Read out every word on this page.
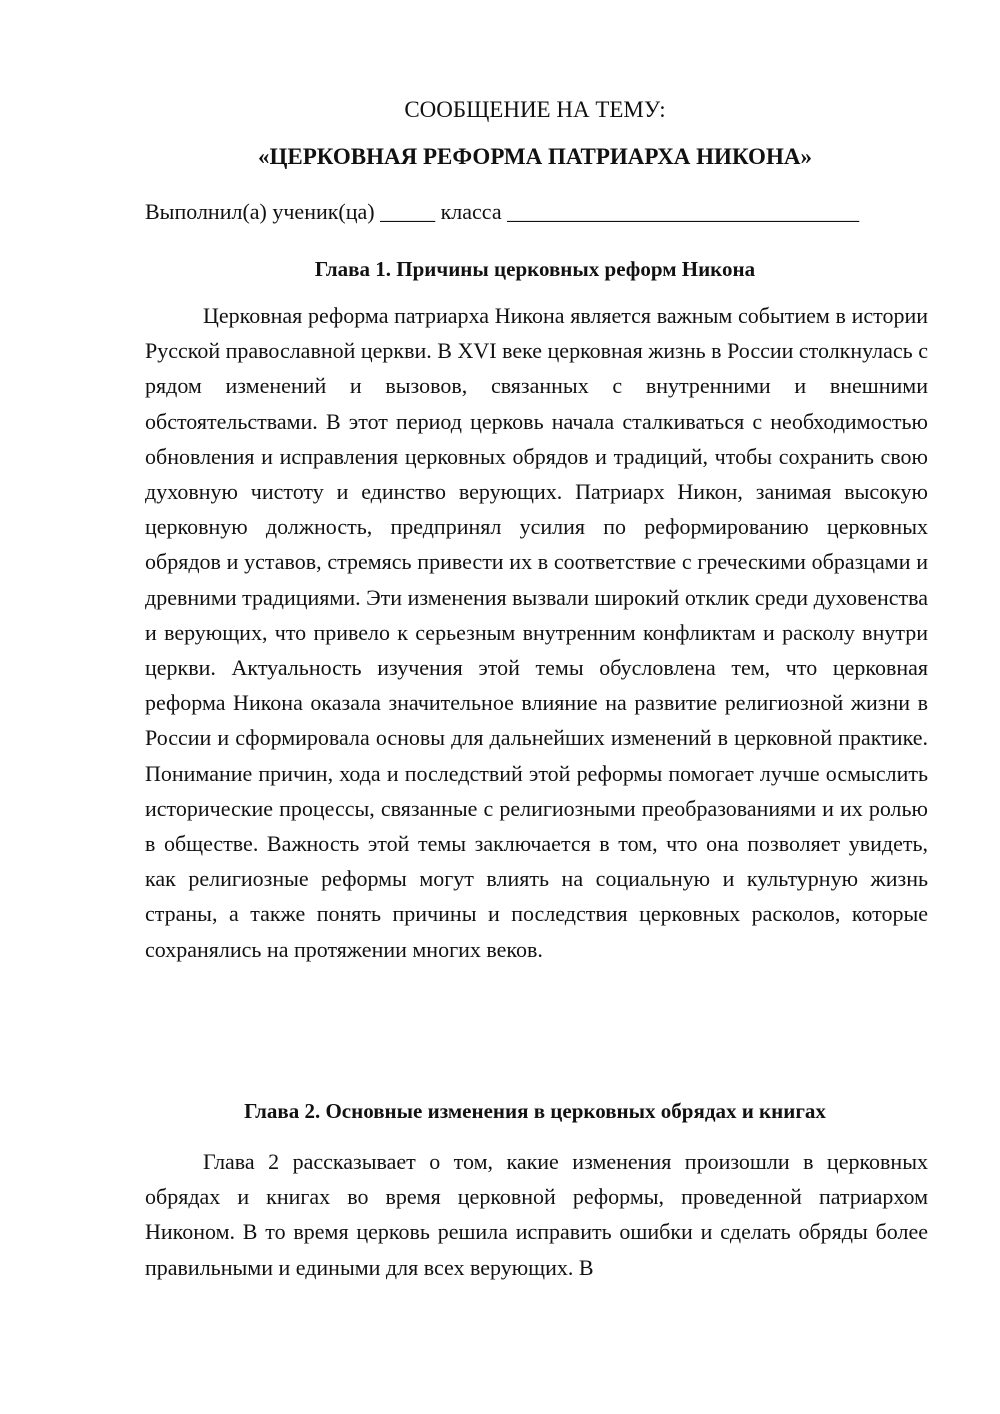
СООБЩЕНИЕ НА ТЕМУ:
«ЦЕРКОВНАЯ РЕФОРМА ПАТРИАРХА НИКОНА»
Выполнил(а) ученик(ца) _____ класса ________________________________
Глава 1. Причины церковных реформ Никона

Церковная реформа патриарха Никона является важным событием в истории Русской православной церкви. В XVI веке церковная жизнь в России столкнулась с рядом изменений и вызовов, связанных с внутренними и внешними обстоятельствами. В этот период церковь начала сталкиваться с необходимостью обновления и исправления церковных обрядов и традиций, чтобы сохранить свою духовную чистоту и единство верующих. Патриарх Никон, занимая высокую церковную должность, предпринял усилия по реформированию церковных обрядов и уставов, стремясь привести их в соответствие с греческими образцами и древними традициями. Эти изменения вызвали широкий отклик среди духовенства и верующих, что привело к серьезным внутренним конфликтам и расколу внутри церкви. Актуальность изучения этой темы обусловлена тем, что церковная реформа Никона оказала значительное влияние на развитие религиозной жизни в России и сформировала основы для дальнейших изменений в церковной практике. Понимание причин, хода и последствий этой реформы помогает лучше осмыслить исторические процессы, связанные с религиозными преобразованиями и их ролью в обществе. Важность этой темы заключается в том, что она позволяет увидеть, как религиозные реформы могут влиять на социальную и культурную жизнь страны, а также понять причины и последствия церковных расколов, которые сохранялись на протяжении многих веков.

Глава 2. Основные изменения в церковных обрядах и книгах

Глава 2 рассказывает о том, какие изменения произошли в церковных обрядах и книгах во время церковной реформы, проведенной патриархом Никоном. В то время церковь решила исправить ошибки и сделать обряды более правильными и едиными для всех верующих. В
